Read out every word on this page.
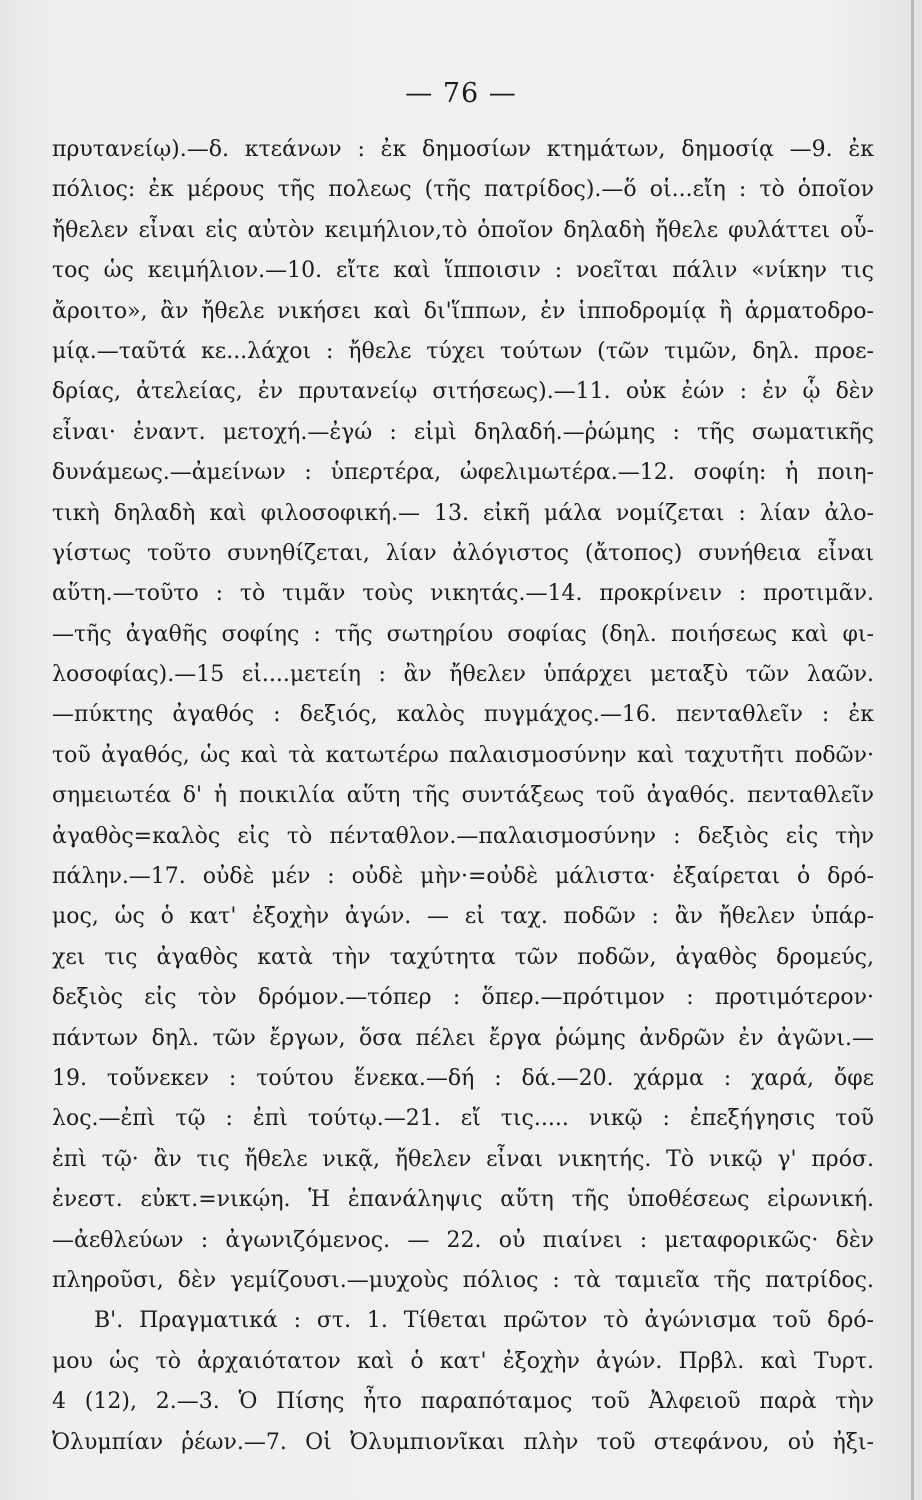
— 76 —
πρυτανείῳ).—δ. κτεάνων : ἐκ δημοσίων κτημάτων, δημοσίᾳ —9. ἐκ
πόλιος: ἐκ μέρους τῆς πολεως (τῆς πατρίδος).—ὅ οἱ...εἴη : τὸ ὁποῖον
ἤθελεν εἶναι εἰς αὐτὸν κειμήλιον,τὸ ὁποῖον δηλαδὴ ἤθελε φυλάττει οὗ-
τος ὡς κειμήλιον.—10. εἴτε καὶ ἵπποισιν : νοεῖται πάλιν «νίκην τις
ἄροιτο», ἂν ἤθελε νικήσει καὶ δι'ἵππων, ἐν ἱπποδρομίᾳ ἢ ἁρματοδρο-
μίᾳ.—ταῦτά κε...λάχοι : ἤθελε τύχει τούτων (τῶν τιμῶν, δηλ. προε-
δρίας, ἀτελείας, ἐν πρυτανείῳ σιτήσεως).—11. οὐκ ἐών : ἐν ᾧ δὲν
εἶναι· ἐναντ. μετοχή.—ἐγώ : εἰμὶ δηλαδή.—ῥώμης : τῆς σωματικῆς
δυνάμεως.—ἀμείνων : ὑπερτέρα, ὠφελιμωτέρα.—12. σοφίη: ἡ ποιη-
τικὴ δηλαδὴ καὶ φιλοσοφική.— 13. εἰκῆ μάλα νομίζεται : λίαν ἀλο-
γίστως τοῦτο συνηθίζεται, λίαν ἀλόγιστος (ἄτοπος) συνήθεια εἶναι
αὕτη.—τοῦτο : τὸ τιμᾶν τοὺς νικητάς.—14. προκρίνειν : προτιμᾶν.
—τῆς ἀγαθῆς σοφίης : τῆς σωτηρίου σοφίας (δηλ. ποιήσεως καὶ φι-
λοσοφίας).—15 εἰ....μετείη : ἂν ἤθελεν ὑπάρχει μεταξὺ τῶν λαῶν.
—πύκτης ἀγαθός : δεξιός, καλὸς πυγμάχος.—16. πενταθλεῖν : ἐκ
τοῦ ἀγαθός, ὡς καὶ τὰ κατωτέρω παλαισμοσύνην καὶ ταχυτῆτι ποδῶν·
σημειωτέα δ' ἡ ποικιλία αὕτη τῆς συντάξεως τοῦ ἀγαθός. πενταθλεῖν
ἀγαθὸς=καλὸς εἰς τὸ πένταθλον.—παλαισμοσύνην : δεξιὸς εἰς τὴν
πάλην.—17. οὐδὲ μέν : οὐδὲ μὴν·=οὐδὲ μάλιστα· ἐξαίρεται ὁ δρό-
μος, ὡς ὁ κατ' ἐξοχὴν ἀγών. — εἰ ταχ. ποδῶν : ἂν ἤθελεν ὑπάρ-
χει τις ἀγαθὸς κατὰ τὴν ταχύτητα τῶν ποδῶν, ἀγαθὸς δρομεύς,
δεξιὸς εἰς τὸν δρόμον.—τόπερ : ὅπερ.—πρότιμον : προτιμότερον·
πάντων δηλ. τῶν ἔργων, ὅσα πέλει ἔργα ῥώμης ἀνδρῶν ἐν ἀγῶνι.—
19. τοὔνεκεν : τούτου ἕνεκα.—δή : δά.—20. χάρμα : χαρά, ὄφε
λος.—ἐπὶ τῷ : ἐπὶ τούτῳ.—21. εἴ τις..... νικῷ : ἐπεξήγησις τοῦ
ἐπὶ τῷ· ἂν τις ἤθελε νικᾷ, ἤθελεν εἶναι νικητής. Τὸ νικῷ γ' πρόσ.
ἐνεστ. εὐκτ.=νικῴη. Ἡ ἐπανάληψις αὕτη τῆς ὑποθέσεως εἰρωνική.
—ἀεθλεύων : ἀγωνιζόμενος. — 22. οὐ πιαίνει : μεταφορικῶς· δὲν
πληροῦσι, δὲν γεμίζουσι.—μυχοὺς πόλιος : τὰ ταμιεῖα τῆς πατρίδος.
Β'. Πραγματικά : στ. 1. Τίθεται πρῶτον τὸ ἀγώνισμα τοῦ δρό-
μου ὡς τὸ ἀρχαιότατον καὶ ὁ κατ' ἐξοχὴν ἀγών. Πρβλ. καὶ Τυρτ.
4 (12), 2.—3. Ὁ Πίσης ἦτο παραπόταμος τοῦ Ἀλφειοῦ παρὰ τὴν
Ὀλυμπίαν ῥέων.—7. Οἱ Ὀλυμπιονῖκαι πλὴν τοῦ στεφάνου, οὐ ἠξι-
